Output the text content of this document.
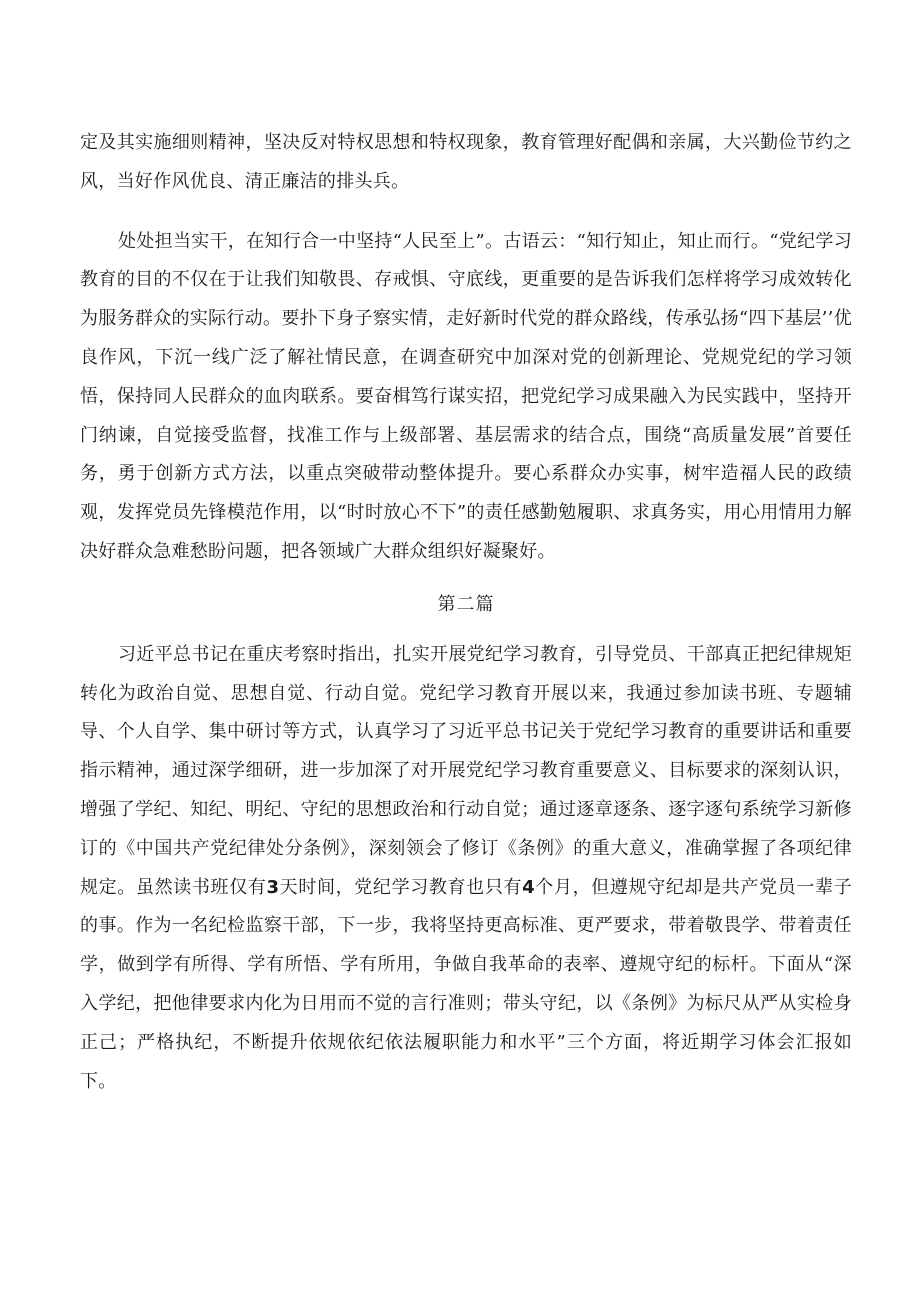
定及其实施细则精神，坚决反对特权思想和特权现象，教育管理好配偶和亲属，大兴勤俭节约之风，当好作风优良、清正廉洁的排头兵。

处处担当实干，在知行合一中坚持“人民至上”。古语云：“知行知止，知止而行。“党纪学习教育的目的不仅在于让我们知敬畏、存戒惧、守底线，更重要的是告诉我们怎样将学习成效转化为服务群众的实际行动。要扑下身子察实情，走好新时代党的群众路线，传承弘扬“四下基层’’优良作风，下沉一线广泛了解社情民意，在调查研究中加深对党的创新理论、党规党纪的学习领悟，保持同人民群众的血肉联系。要奋楫笃行谋实招，把党纪学习成果融入为民实践中，坚持开门纳谏，自觉接受监督，找准工作与上级部署、基层需求的结合点，围绕“高质量发展”首要任务，勇于创新方式方法，以重点突破带动整体提升。要心系群众办实事，树牢造福人民的政绩观，发挥党员先锋模范作用，以“时时放心不下”的责任感勤勉履职、求真务实，用心用情用力解决好群众急难愁盼问题，把各领域广大群众组织好凝聚好。

第二篇

习近平总书记在重庆考察时指出，扎实开展党纪学习教育，引导党员、干部真正把纪律规矩转化为政治自觉、思想自觉、行动自觉。党纪学习教育开展以来，我通过参加读书班、专题辅导、个人自学、集中研讨等方式，认真学习了习近平总书记关于党纪学习教育的重要讲话和重要指示精神，通过深学细研，进一步加深了对开展党纪学习教育重要意义、目标要求的深刻认识，增强了学纪、知纪、明纪、守纪的思想政治和行动自觉；通过逐章逐条、逐字逐句系统学习新修订的《中国共产党纪律处分条例》，深刻领会了修订《条例》的重大意义，准确掌握了各项纪律规定。虽然读书班仅有3天时间，党纪学习教育也只有4个月，但遵规守纪却是共产党员一辈子的事。作为一名纪检监察干部，下一步，我将坚持更高标准、更严要求，带着敬畏学、带着责任学，做到学有所得、学有所悟、学有所用，争做自我革命的表率、遵规守纪的标杆。下面从“深入学纪，把他律要求内化为日用而不觉的言行准则；带头守纪，以《条例》为标尺从严从实检身正己；严格执纪，不断提升依规依纪依法履职能力和水平”三个方面，将近期学习体会汇报如下。
